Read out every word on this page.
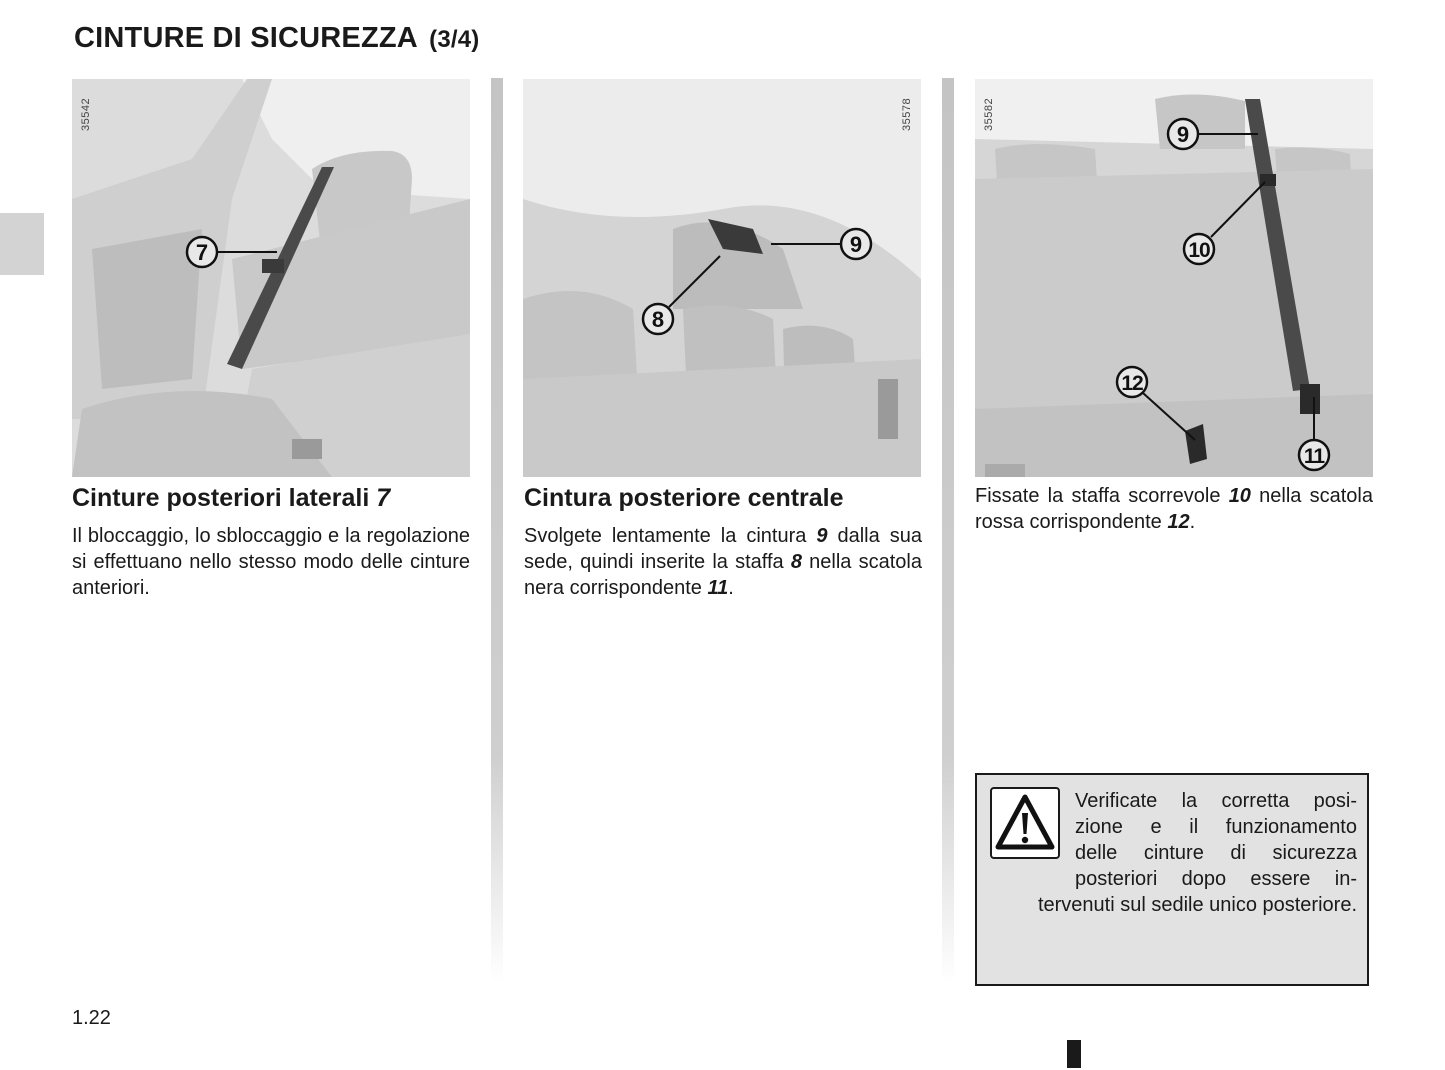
CINTURE DI SICUREZZA (3/4)
35542
7
35578
9
8
35582
9
10
12
11
Cinture posteriori laterali 7
Il bloccaggio, lo sbloccaggio e la regolazione si effettuano nello stesso modo delle cinture anteriori.
Cintura posteriore centrale
Svolgete lentamente la cintura 9 dalla sua sede, quindi inserite la staffa 8 nella scatola nera corrispondente 11.
Fissate la staffa scorrevole 10 nella scatola rossa corrispondente 12.
Verificate la corretta posi-
zione e il funzionamento
delle cinture di sicurezza
posteriori dopo essere in-
tervenuti sul sedile unico posteriore.
1.22
